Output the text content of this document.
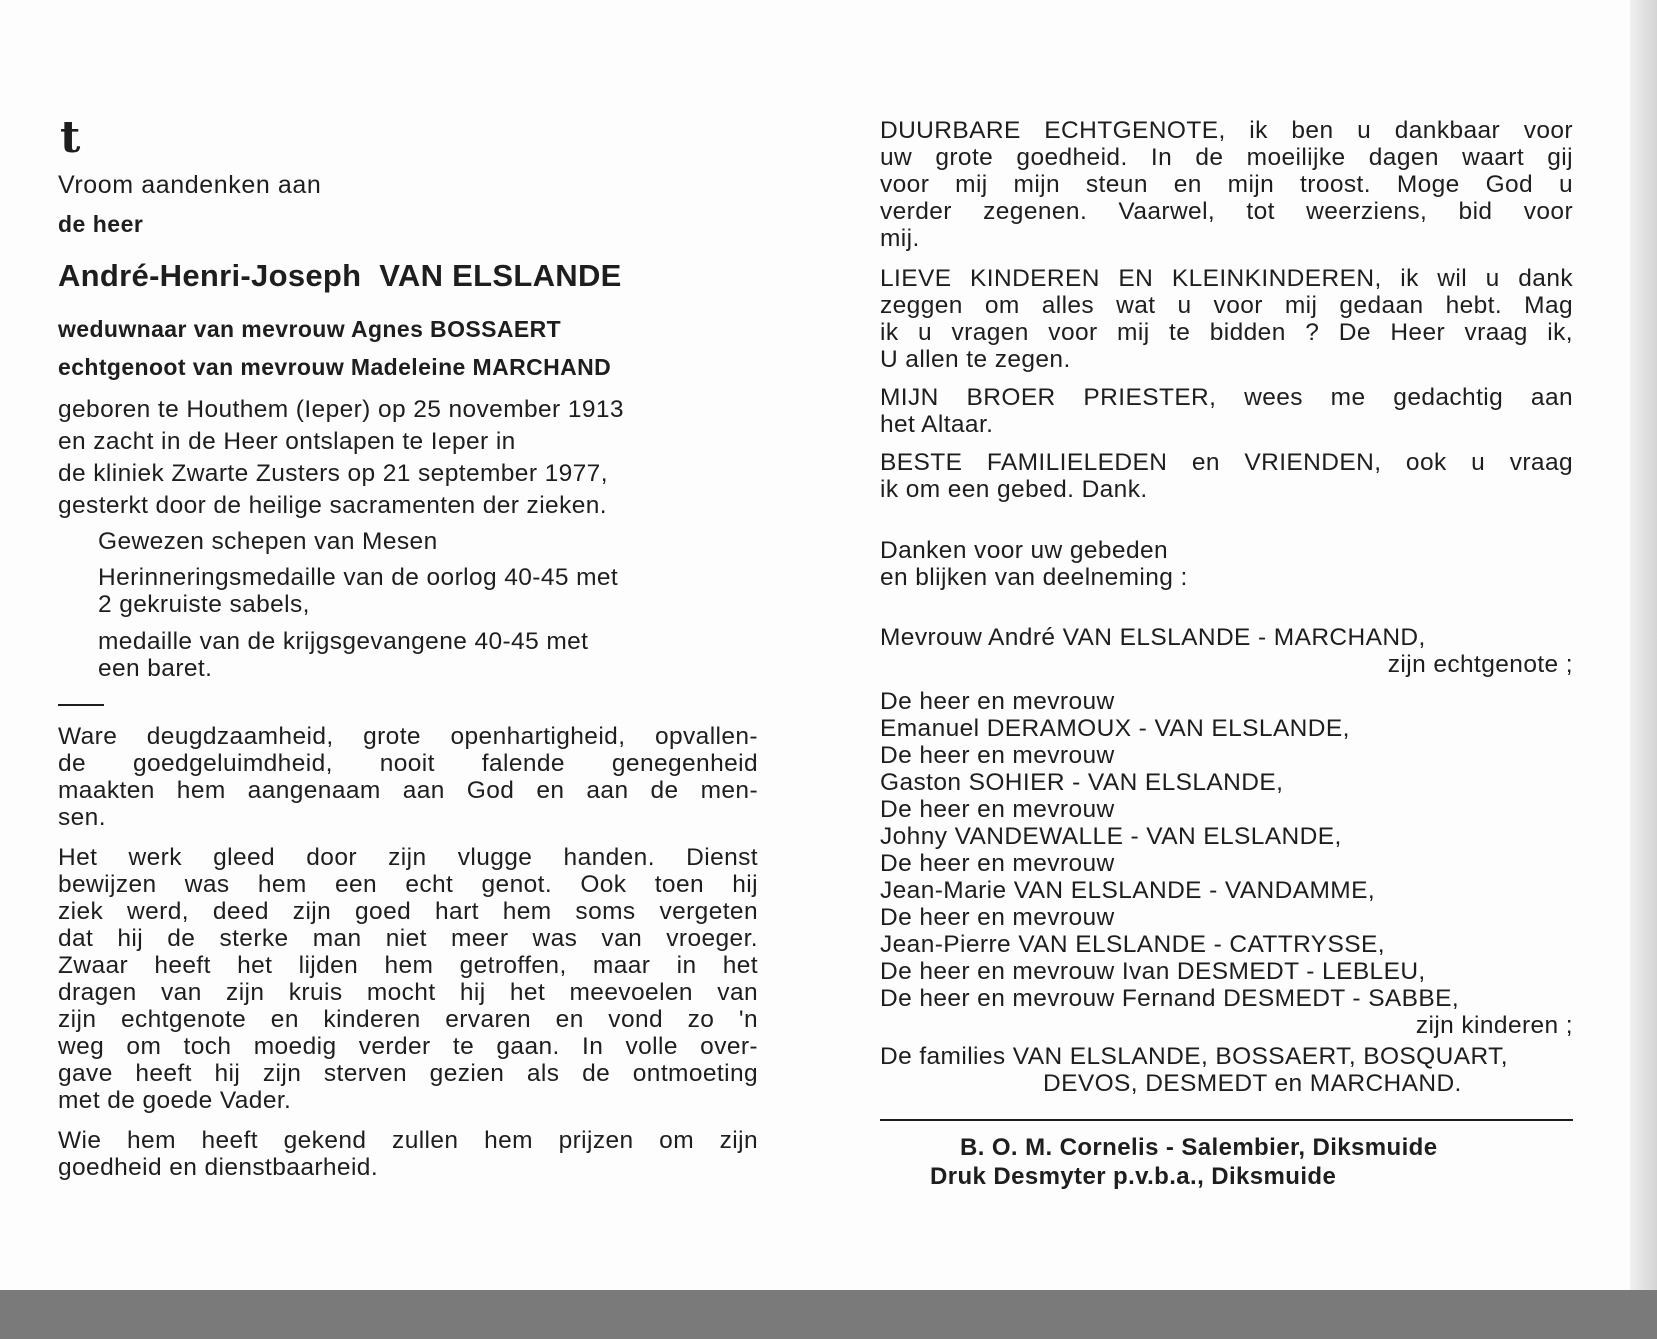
t
Vroom aandenken aan
de heer
André-Henri-Joseph  VAN ELSLANDE
weduwnaar van mevrouw Agnes BOSSAERT
echtgenoot van mevrouw Madeleine MARCHAND
geboren te Houthem (Ieper) op 25 november 1913
en zacht in de Heer ontslapen te Ieper in
de kliniek Zwarte Zusters op 21 september 1977,
gesterkt door de heilige sacramenten der zieken.
Gewezen schepen van Mesen
Herinneringsmedaille van de oorlog 40-45 met
2 gekruiste sabels,
medaille van de krijgsgevangene 40-45 met
een baret.
Ware deugdzaamheid, grote openhartigheid, opvallen-
de goedgeluimdheid, nooit falende genegenheid
maakten hem aangenaam aan God en aan de men-
sen.
Het werk gleed door zijn vlugge handen. Dienst
bewijzen was hem een echt genot. Ook toen hij
ziek werd, deed zijn goed hart hem soms vergeten
dat hij de sterke man niet meer was van vroeger.
Zwaar heeft het lijden hem getroffen, maar in het
dragen van zijn kruis mocht hij het meevoelen van
zijn echtgenote en kinderen ervaren en vond zo 'n
weg om toch moedig verder te gaan. In volle over-
gave heeft hij zijn sterven gezien als de ontmoeting
met de goede Vader.
Wie hem heeft gekend zullen hem prijzen om zijn
goedheid en dienstbaarheid.
DUURBARE ECHTGENOTE, ik ben u dankbaar voor
uw grote goedheid. In de moeilijke dagen waart gij
voor mij mijn steun en mijn troost. Moge God u
verder zegenen. Vaarwel, tot weerziens, bid voor
mij.
LIEVE KINDEREN EN KLEINKINDEREN, ik wil u dank
zeggen om alles wat u voor mij gedaan hebt. Mag
ik u vragen voor mij te bidden ? De Heer vraag ik,
U allen te zegen.
MIJN BROER PRIESTER, wees me gedachtig aan
het Altaar.
BESTE FAMILIELEDEN en VRIENDEN, ook u vraag
ik om een gebed. Dank.
Danken voor uw gebeden
en blijken van deelneming :
Mevrouw André VAN ELSLANDE - MARCHAND,
zijn echtgenote ;
De heer en mevrouw
Emanuel DERAMOUX - VAN ELSLANDE,
De heer en mevrouw
Gaston SOHIER - VAN ELSLANDE,
De heer en mevrouw
Johny VANDEWALLE - VAN ELSLANDE,
De heer en mevrouw
Jean-Marie VAN ELSLANDE - VANDAMME,
De heer en mevrouw
Jean-Pierre VAN ELSLANDE - CATTRYSSE,
De heer en mevrouw Ivan DESMEDT - LEBLEU,
De heer en mevrouw Fernand DESMEDT - SABBE,
zijn kinderen ;
De families VAN ELSLANDE, BOSSAERT, BOSQUART,
DEVOS, DESMEDT en MARCHAND.
B. O. M. Cornelis - Salembier, Diksmuide
Druk Desmyter p.v.b.a., Diksmuide
